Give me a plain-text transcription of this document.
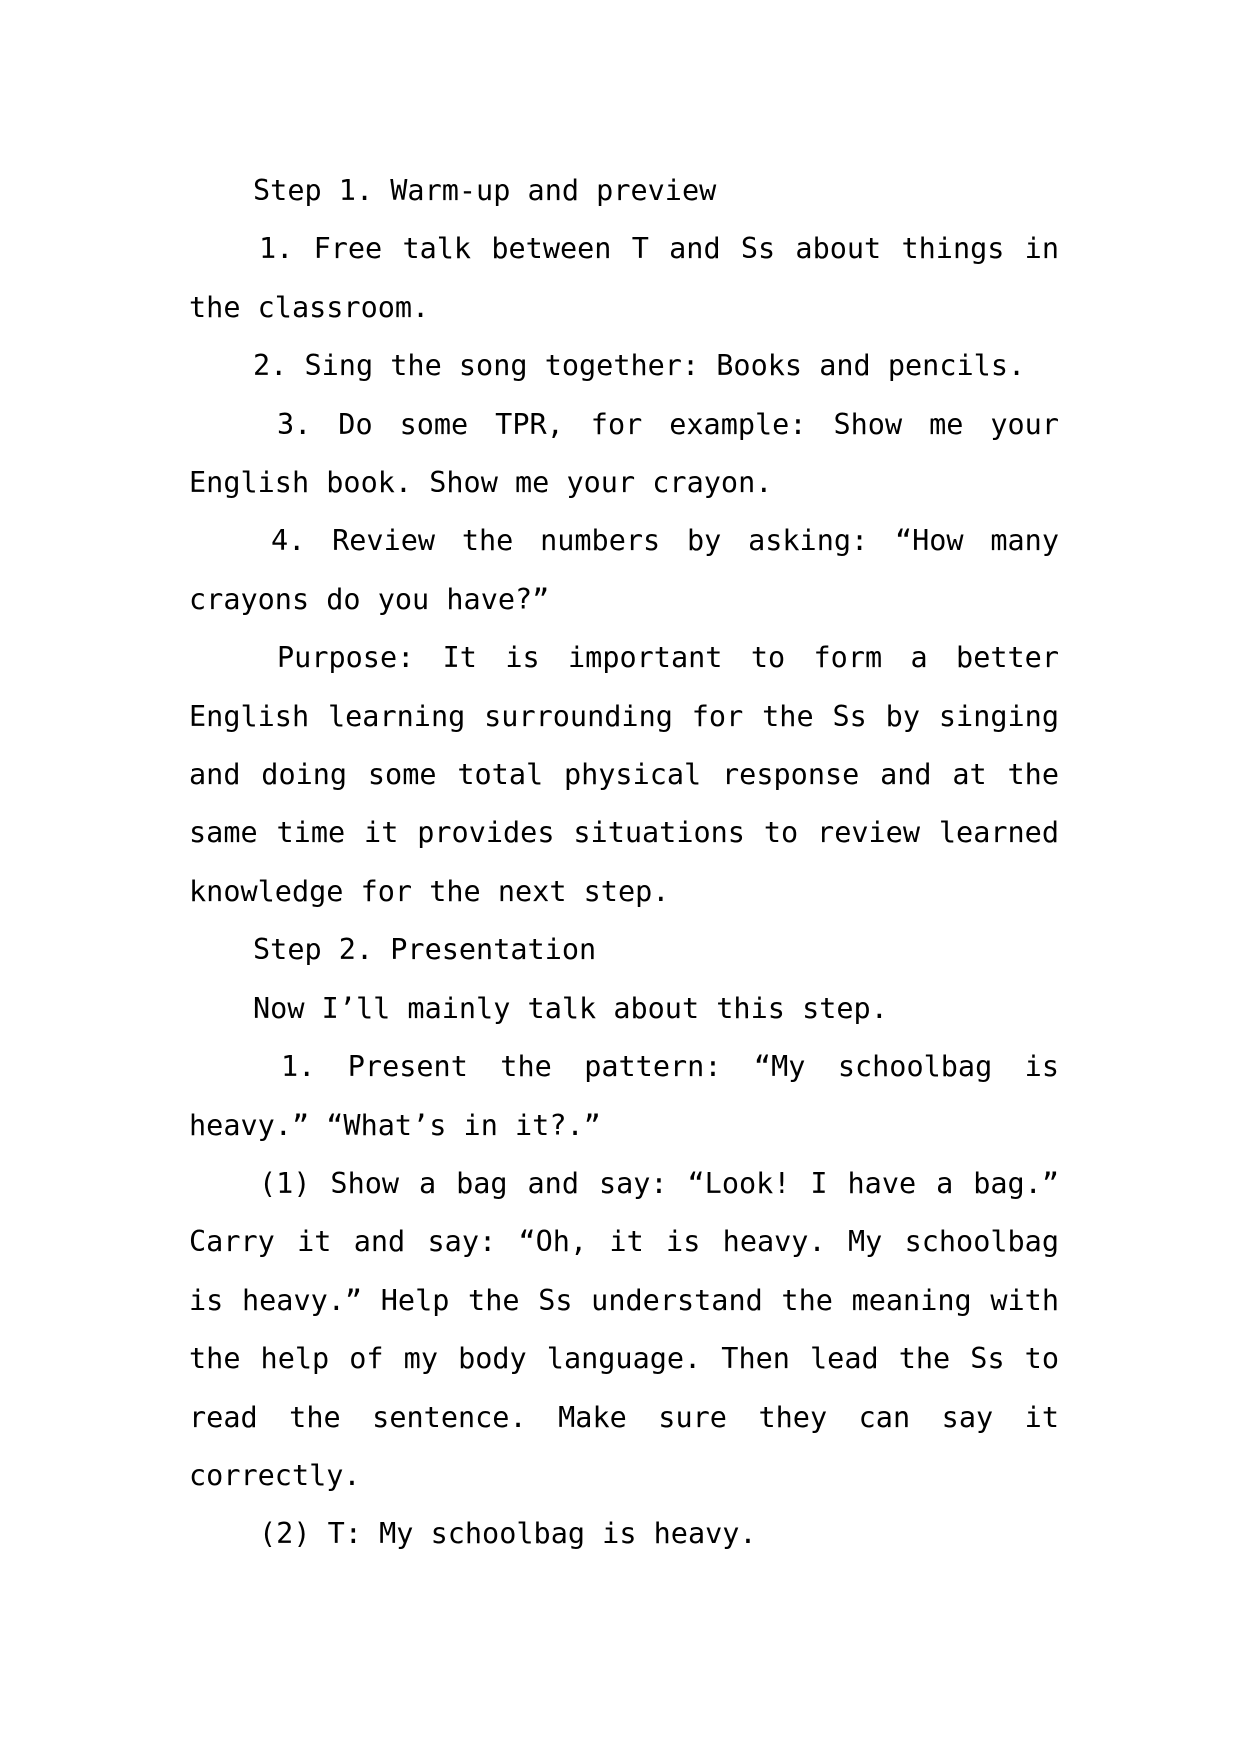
Step 1. Warm-up and preview

1. Free talk between T and Ss about things in the classroom.

2. Sing the song together: Books and pencils.

3. Do some TPR, for example: Show me your English book. Show me your crayon.

4. Review the numbers by asking: “How many crayons do you have?”

Purpose: It is important to form a better English learning surrounding for the Ss by singing and doing some total physical response and at the same time it provides situations to review learned knowledge for the next step.

Step 2. Presentation

Now I’ll mainly talk about this step.

1. Present the pattern: “My schoolbag is heavy.” “What’s in it?.”

(1) Show a bag and say: “Look! I have a bag.” Carry it and say: “Oh, it is heavy. My schoolbag is heavy.” Help the Ss understand the meaning with the help of my body language. Then lead the Ss to read the sentence. Make sure they can say it correctly.

(2) T: My schoolbag is heavy.
